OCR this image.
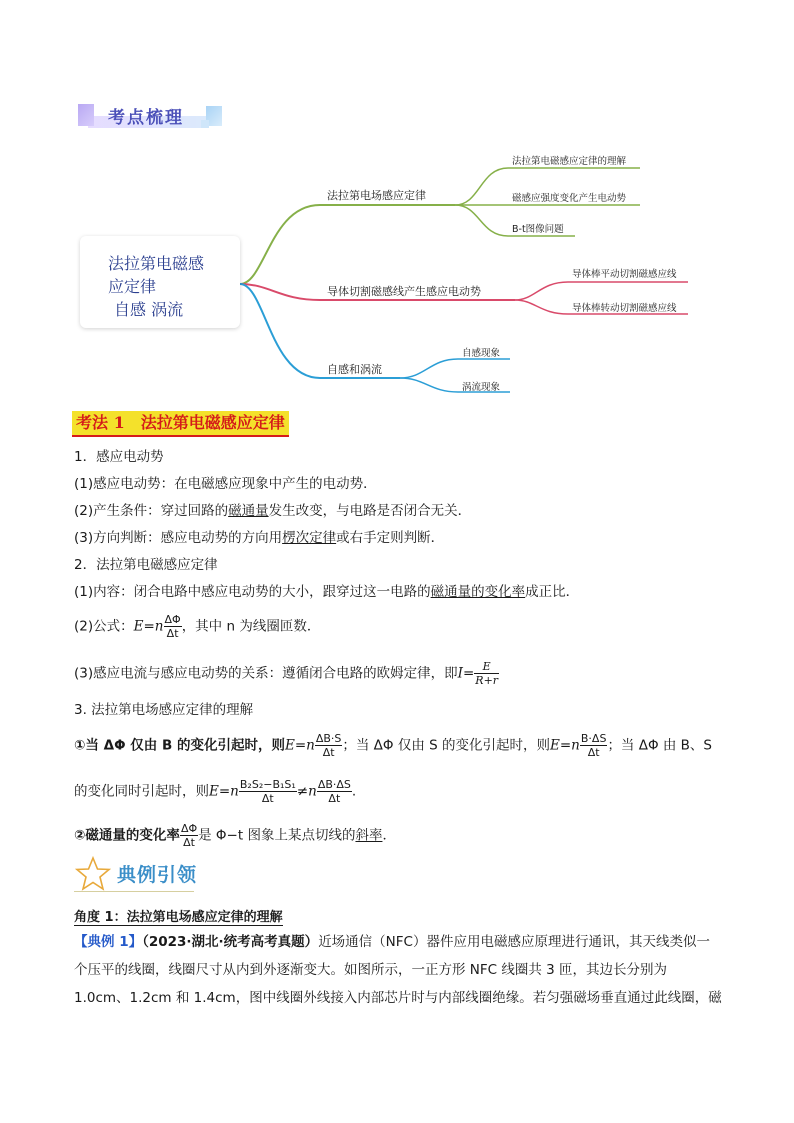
考点梳理
法拉第电磁感
应定律
自感 涡流
法拉第电场感应定律
法拉第电磁感应定律的理解
磁感应强度变化产生电动势
B-t图像问题
导体切割磁感线产生感应电动势
导体棒平动切割磁感应线
导体棒转动切割磁感应线
自感和涡流
自感现象
涡流现象
考法 1　法拉第电磁感应定律
1．感应电动势
(1)感应电动势：在电磁感应现象中产生的电动势．
(2)产生条件：穿过回路的磁通量发生改变，与电路是否闭合无关．
(3)方向判断：感应电动势的方向用楞次定律或右手定则判断．
2．法拉第电磁感应定律
(1)内容：闭合电路中感应电动势的大小，跟穿过这一电路的磁通量的变化率成正比．
(2)公式：$E=n \frac{\Delta\Phi}{\Delta t}$ ，其中 n 为线圈匝数．
(3)感应电流与感应电动势的关系：遵循闭合电路的欧姆定律，即$I= \frac{E}{R+r}$
3. 法拉第电场感应定律的理解
①当 ΔΦ 仅由 B 的变化引起时，则$E=n \frac{\Delta B\cdot S}{\Delta t}$ ；当 ΔΦ 仅由 S 的变化引起时，则$E=n \frac{B\cdot\Delta S}{\Delta t}$ ；当 ΔΦ 由 B、S
的变化同时引起时，则$E=n \frac{\text{B₂S₂−B₁S₁}}{\Delta t} \ne n \frac{\Delta B\cdot\Delta S}{\Delta t}$ .
②磁通量的变化率 $\frac{\Delta\Phi}{\Delta t}$ 是 Φ−t 图象上某点切线的斜率．
典例引领
角度 1：法拉第电场感应定律的理解
【典例 1】（2023·湖北·统考高考真题）近场通信（NFC）器件应用电磁感应原理进行通讯，其天线类似一
个压平的线圈，线圈尺寸从内到外逐渐变大。如图所示，一正方形 NFC 线圈共 3 匝，其边长分别为
1.0cm、1.2cm 和 1.4cm，图中线圈外线接入内部芯片时与内部线圈绝缘。若匀强磁场垂直通过此线圈，磁
